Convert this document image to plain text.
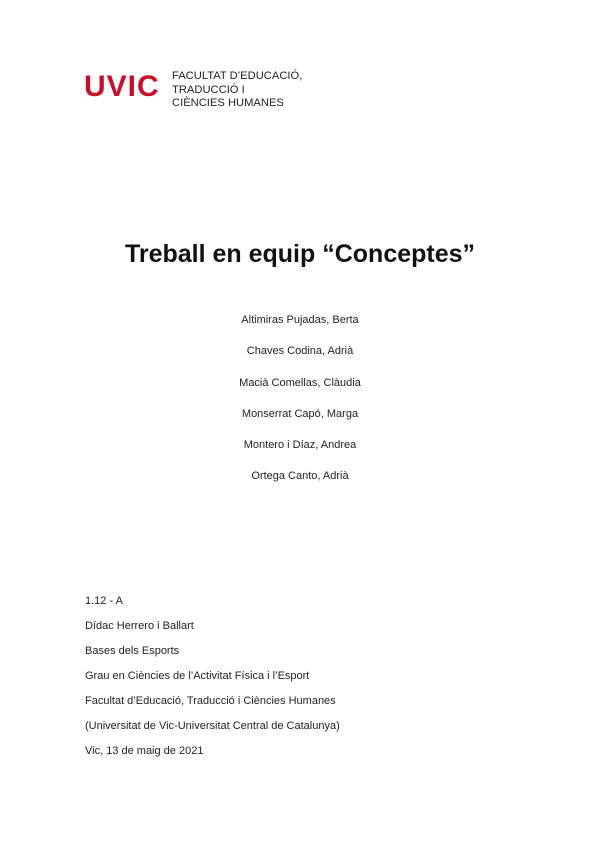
UVIC FACULTAT D’EDUCACIÓ,
TRADUCCIÓ I
CIÈNCIES HUMANES
Treball en equip “Conceptes”
Altimiras Pujadas, Berta
Chaves Codina, Adrià
Macià Comellas, Clàudia
Monserrat Capó, Marga
Montero i Díaz, Andrea
Ortega Canto, Adrià
1.12 - A
Dídac Herrero i Ballart
Bases dels Esports
Grau en Ciències de l’Activitat Física i l’Esport
Facultat d’Educació, Traducció i Ciències Humanes
(Universitat de Vic-Universitat Central de Catalunya)
Vic, 13 de maig de 2021
